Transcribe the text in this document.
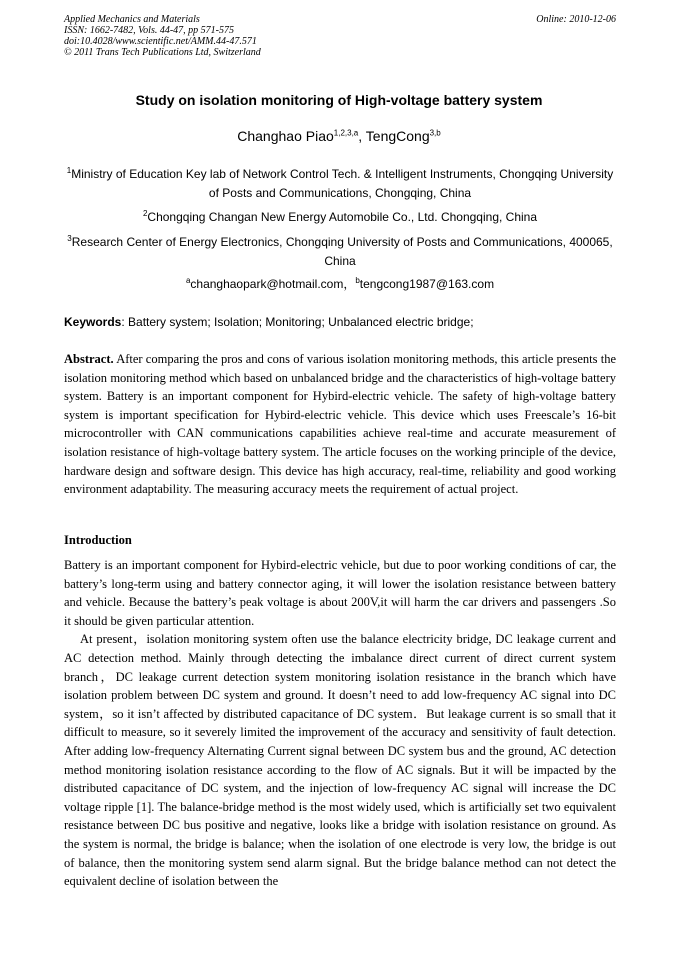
Applied Mechanics and Materials
ISSN: 1662-7482, Vols. 44-47, pp 571-575
doi:10.4028/www.scientific.net/AMM.44-47.571
© 2011 Trans Tech Publications Ltd, Switzerland
Online: 2010-12-06
Study on isolation monitoring of High-voltage battery system
Changhao Piao$^{1,2,3,a}$, TengCong$^{3,b}$
$^1$Ministry of Education Key lab of Network Control Tech. & Intelligent Instruments, Chongqing University of Posts and Communications, Chongqing, China
$^2$Chongqing Changan New Energy Automobile Co., Ltd. Chongqing, China
$^3$Research Center of Energy Electronics, Chongqing University of Posts and Communications, 400065, China
$^a$changhaopark@hotmail.com，$^b$tengcong1987@163.com
Keywords: Battery system; Isolation; Monitoring; Unbalanced electric bridge;
Abstract. After comparing the pros and cons of various isolation monitoring methods, this article presents the isolation monitoring method which based on unbalanced bridge and the characteristics of high-voltage battery system. Battery is an important component for Hybird-electric vehicle. The safety of high-voltage battery system is important specification for Hybird-electric vehicle. This device which uses Freescale’s 16-bit microcontroller with CAN communications capabilities achieve real-time and accurate measurement of isolation resistance of high-voltage battery system. The article focuses on the working principle of the device, hardware design and software design. This device has high accuracy, real-time, reliability and good working environment adaptability. The measuring accuracy meets the requirement of actual project.
Introduction

Battery is an important component for Hybird-electric vehicle, but due to poor working conditions of car, the battery’s long-term using and battery connector aging, it will lower the isolation resistance between battery and vehicle. Because the battery’s peak voltage is about 200V,it will harm the car drivers and passengers .So it should be given particular attention.

At present，isolation monitoring system often use the balance electricity bridge, DC leakage current and AC detection method. Mainly through detecting the imbalance direct current of direct current system branch，DC leakage current detection system monitoring isolation resistance in the branch which have isolation problem between DC system and ground. It doesn’t need to add low-frequency AC signal into DC system，so it isn’t affected by distributed capacitance of DC system．But leakage current is so small that it difficult to measure, so it severely limited the improvement of the accuracy and sensitivity of fault detection. After adding low-frequency Alternating Current signal between DC system bus and the ground, AC detection method monitoring isolation resistance according to the flow of AC signals. But it will be impacted by the distributed capacitance of DC system, and the injection of low-frequency AC signal will increase the DC voltage ripple [1]. The balance-bridge method is the most widely used, which is artificially set two equivalent resistance between DC bus positive and negative, looks like a bridge with isolation resistance on ground. As the system is normal, the bridge is balance; when the isolation of one electrode is very low, the bridge is out of balance, then the monitoring system send alarm signal. But the bridge balance method can not detect the equivalent decline of isolation between the
